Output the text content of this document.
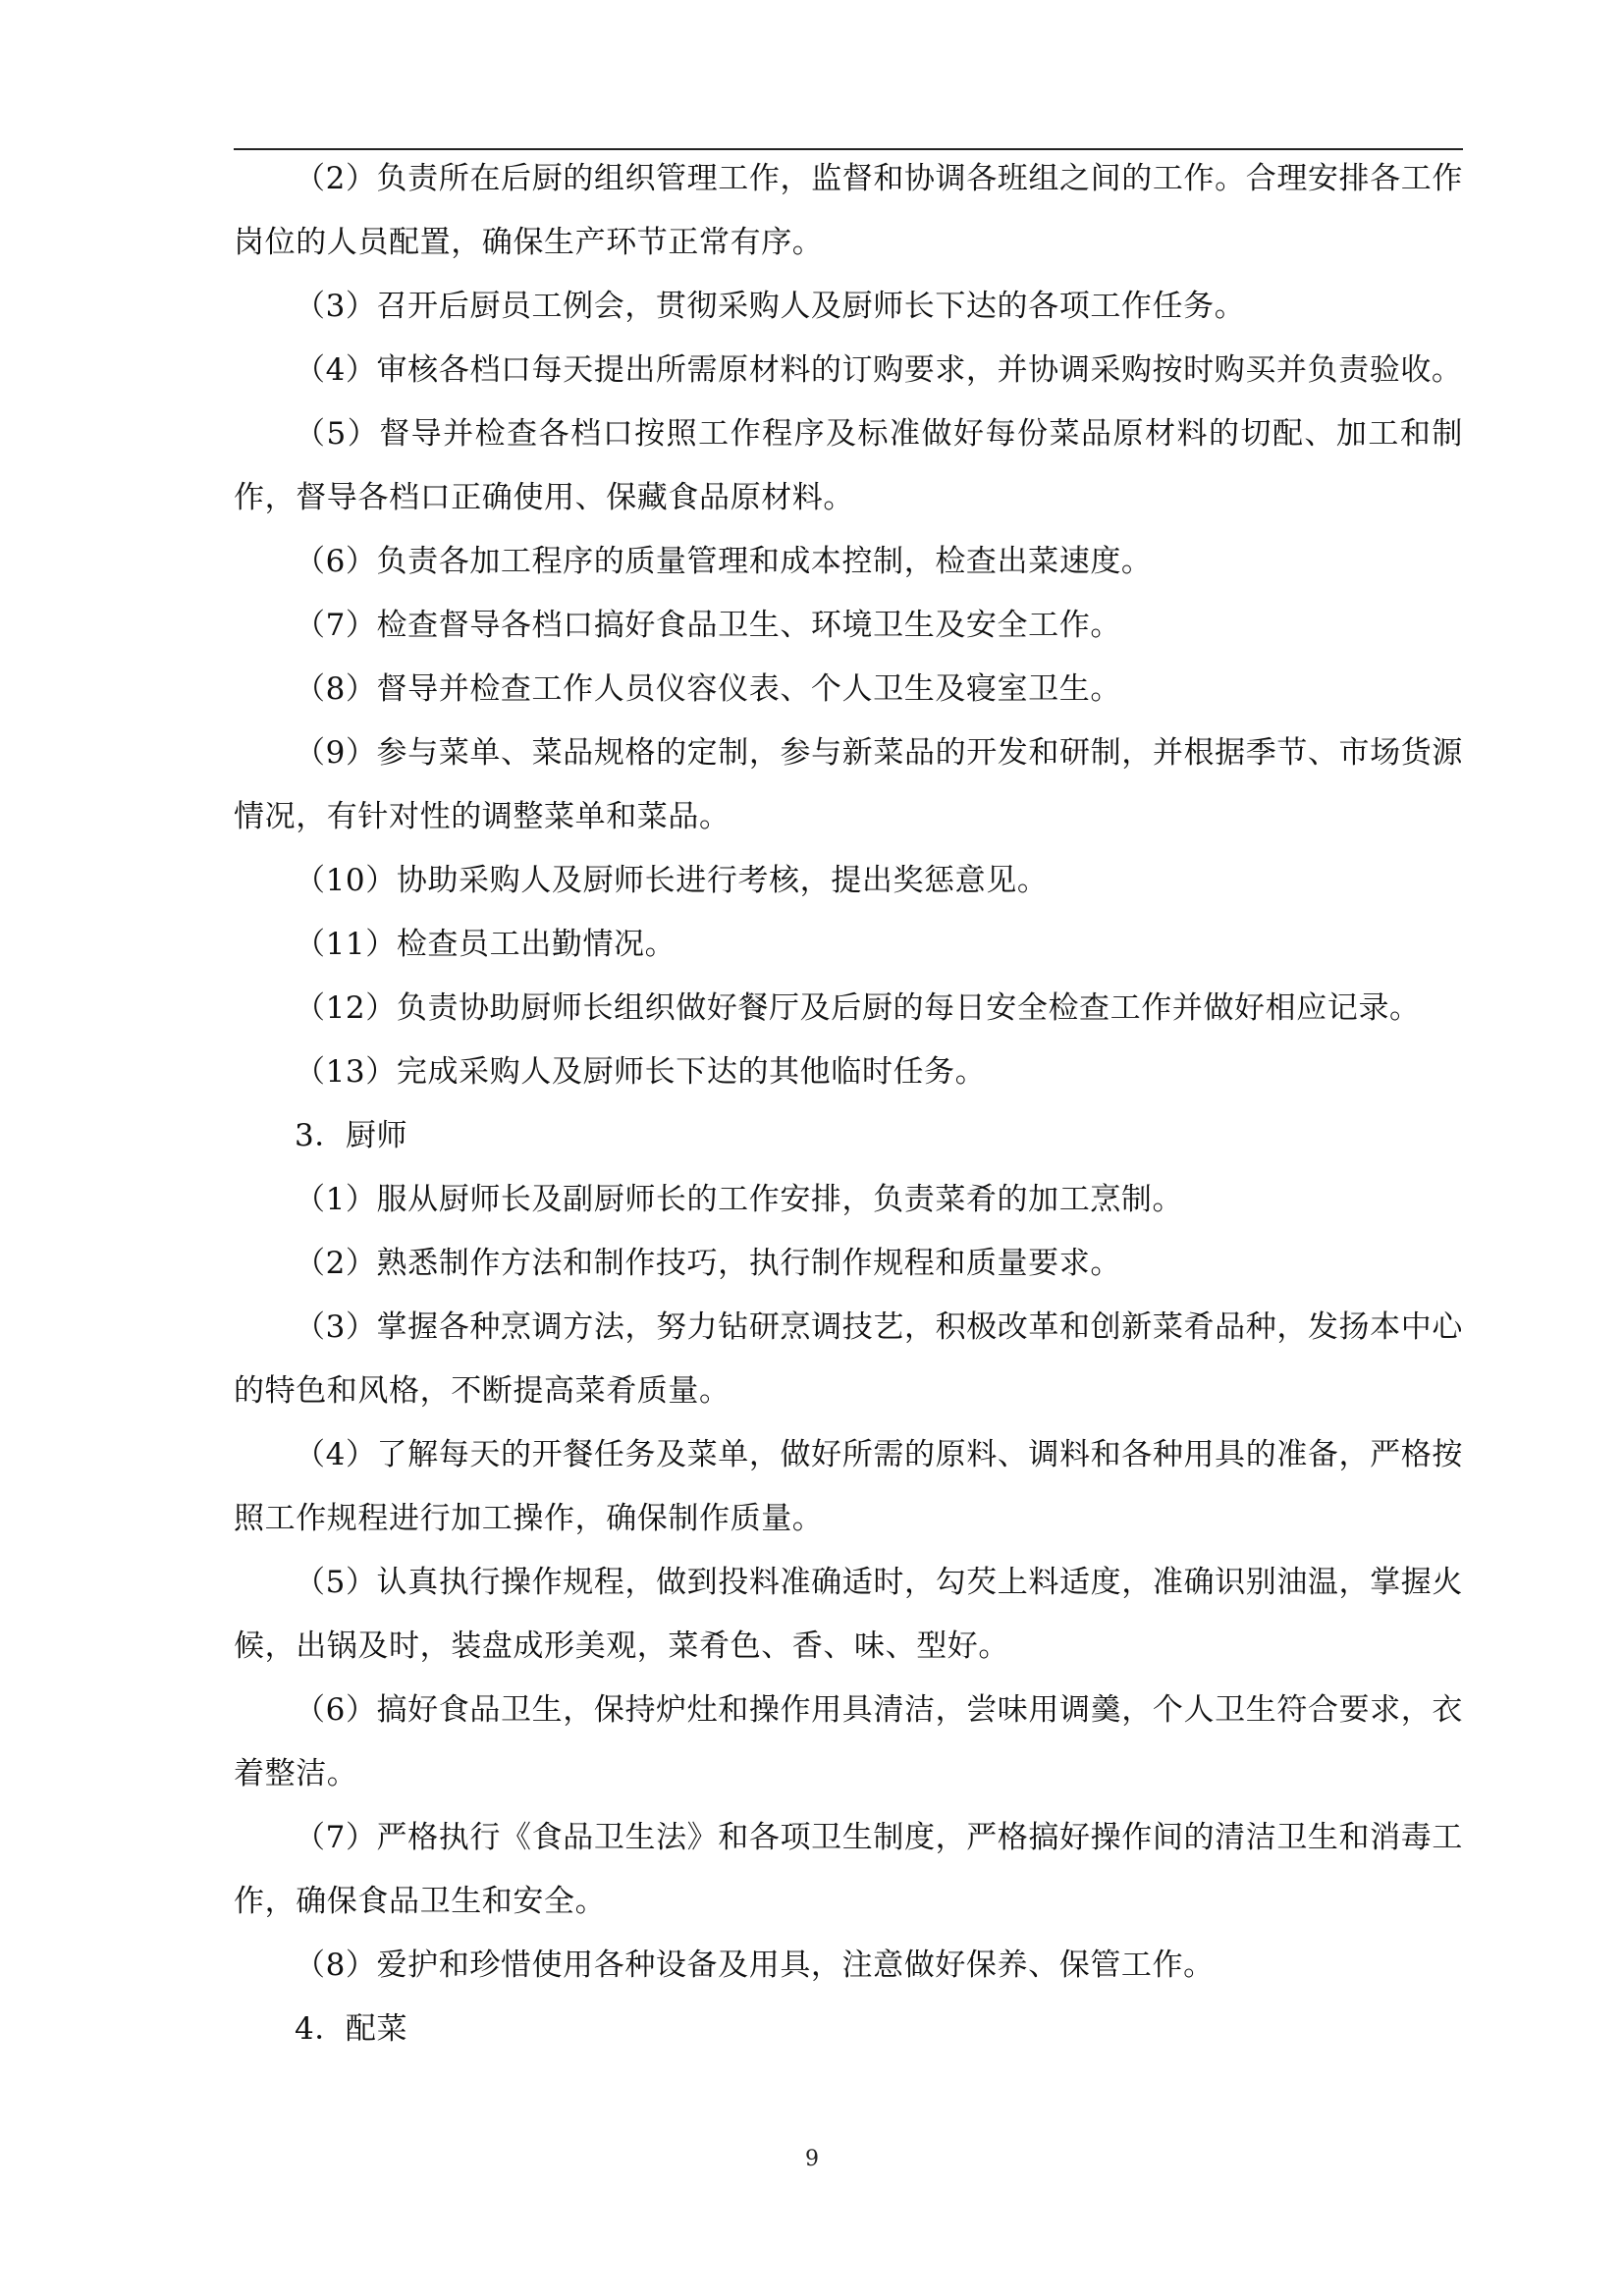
（2）负责所在后厨的组织管理工作，监督和协调各班组之间的工作。合理安排各工作岗位的人员配置，确保生产环节正常有序。

（3）召开后厨员工例会，贯彻采购人及厨师长下达的各项工作任务。

（4）审核各档口每天提出所需原材料的订购要求，并协调采购按时购买并负责验收。

（5）督导并检查各档口按照工作程序及标准做好每份菜品原材料的切配、加工和制作，督导各档口正确使用、保藏食品原材料。

（6）负责各加工程序的质量管理和成本控制，检查出菜速度。

（7）检查督导各档口搞好食品卫生、环境卫生及安全工作。

（8）督导并检查工作人员仪容仪表、个人卫生及寝室卫生。

（9）参与菜单、菜品规格的定制，参与新菜品的开发和研制，并根据季节、市场货源情况，有针对性的调整菜单和菜品。

（10）协助采购人及厨师长进行考核，提出奖惩意见。

（11）检查员工出勤情况。

（12）负责协助厨师长组织做好餐厅及后厨的每日安全检查工作并做好相应记录。

（13）完成采购人及厨师长下达的其他临时任务。

3．厨师

（1）服从厨师长及副厨师长的工作安排，负责菜肴的加工烹制。

（2）熟悉制作方法和制作技巧，执行制作规程和质量要求。

（3）掌握各种烹调方法，努力钻研烹调技艺，积极改革和创新菜肴品种，发扬本中心的特色和风格，不断提高菜肴质量。

（4）了解每天的开餐任务及菜单，做好所需的原料、调料和各种用具的准备，严格按照工作规程进行加工操作，确保制作质量。

（5）认真执行操作规程，做到投料准确适时，勾芡上料适度，准确识别油温，掌握火候，出锅及时，装盘成形美观，菜肴色、香、味、型好。

（6）搞好食品卫生，保持炉灶和操作用具清洁，尝味用调羹，个人卫生符合要求，衣着整洁。

（7）严格执行《食品卫生法》和各项卫生制度，严格搞好操作间的清洁卫生和消毒工作，确保食品卫生和安全。

（8）爱护和珍惜使用各种设备及用具，注意做好保养、保管工作。

4．配菜

9
